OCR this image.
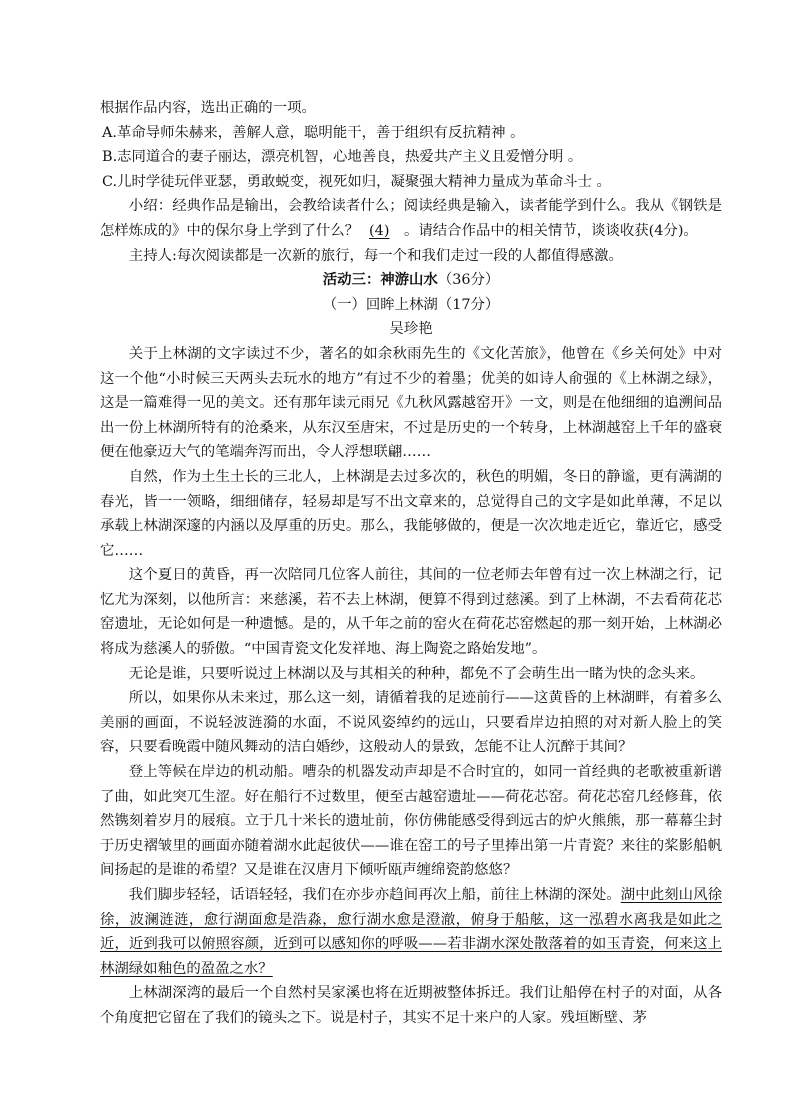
根据作品内容，选出正确的一项。

A.革命导师朱赫来，善解人意，聪明能干，善于组织有反抗精神 。

B.志同道合的妻子丽达，漂亮机智，心地善良，热爱共产主义且爱憎分明 。

C.儿时学徒玩伴亚瑟，勇敢蜕变，视死如归，凝聚强大精神力量成为革命斗士 。

小绍：经典作品是输出，会教给读者什么；阅读经典是输入，读者能学到什么。我从《钢铁是怎样炼成的》中的保尔身上学到了什么？ (4) 。请结合作品中的相关情节，谈谈收获(4分)。

主持人:每次阅读都是一次新的旅行，每一个和我们走过一段的人都值得感激。

活动三：神游山水（36分）

（一）回眸上林湖（17分）

吴珍艳

关于上林湖的文字读过不少，著名的如余秋雨先生的《文化苦旅》，他曾在《乡关何处》中对这一个他“小时候三天两头去玩水的地方”有过不少的着墨；优美的如诗人俞强的《上林湖之绿》，这是一篇难得一见的美文。还有那年读元雨兄《九秋风露越窑开》一文，则是在他细细的追溯间品出一份上林湖所特有的沧桑来，从东汉至唐宋，不过是历史的一个转身，上林湖越窑上千年的盛衰便在他豪迈大气的笔端奔泻而出，令人浮想联翩……

自然，作为土生土长的三北人，上林湖是去过多次的，秋色的明媚，冬日的静谧，更有满湖的春光，皆一一领略，细细储存，轻易却是写不出文章来的，总觉得自己的文字是如此单薄，不足以承载上林湖深邃的内涵以及厚重的历史。那么，我能够做的，便是一次次地走近它，靠近它，感受它……

这个夏日的黄昏，再一次陪同几位客人前往，其间的一位老师去年曾有过一次上林湖之行，记忆尤为深刻，以他所言：来慈溪，若不去上林湖，便算不得到过慈溪。到了上林湖，不去看荷花芯窑遗址，无论如何是一种遗憾。是的，从千年之前的窑火在荷花芯窑燃起的那一刻开始，上林湖必将成为慈溪人的骄傲。“中国青瓷文化发祥地、海上陶瓷之路始发地”。

无论是谁，只要听说过上林湖以及与其相关的种种，都免不了会萌生出一睹为快的念头来。

所以，如果你从未来过，那么这一刻，请循着我的足迹前行——这黄昏的上林湖畔，有着多么美丽的画面，不说轻波涟漪的水面，不说风姿绰约的远山，只要看岸边拍照的对对新人脸上的笑容，只要看晚霞中随风舞动的洁白婚纱，这般动人的景致，怎能不让人沉醉于其间？

登上等候在岸边的机动船。嘈杂的机器发动声却是不合时宜的，如同一首经典的老歌被重新谱了曲，如此突兀生涩。好在船行不过数里，便至古越窑遗址——荷花芯窑。荷花芯窑几经修葺，依然镌刻着岁月的屐痕。立于几十米长的遗址前，你仿佛能感受得到远古的炉火熊熊，那一幕幕尘封于历史褶皱里的画面亦随着湖水此起彼伏——谁在窑工的号子里捧出第一片青瓷？来往的桨影船帆间扬起的是谁的希望？又是谁在汉唐月下倾听瓯声缠绵瓷韵悠悠？

我们脚步轻轻，话语轻轻，我们在亦步亦趋间再次上船，前往上林湖的深处。湖中此刻山风徐徐，波澜涟涟，愈行湖面愈是浩淼，愈行湖水愈是澄澈，俯身于船舷，这一泓碧水离我是如此之近，近到我可以俯照容颜，近到可以感知你的呼吸——若非湖水深处散落着的如玉青瓷，何来这上林湖绿如釉色的盈盈之水？

上林湖深湾的最后一个自然村吴家溪也将在近期被整体拆迁。我们让船停在村子的对面，从各个角度把它留在了我们的镜头之下。说是村子，其实不足十来户的人家。残垣断壁、茅
